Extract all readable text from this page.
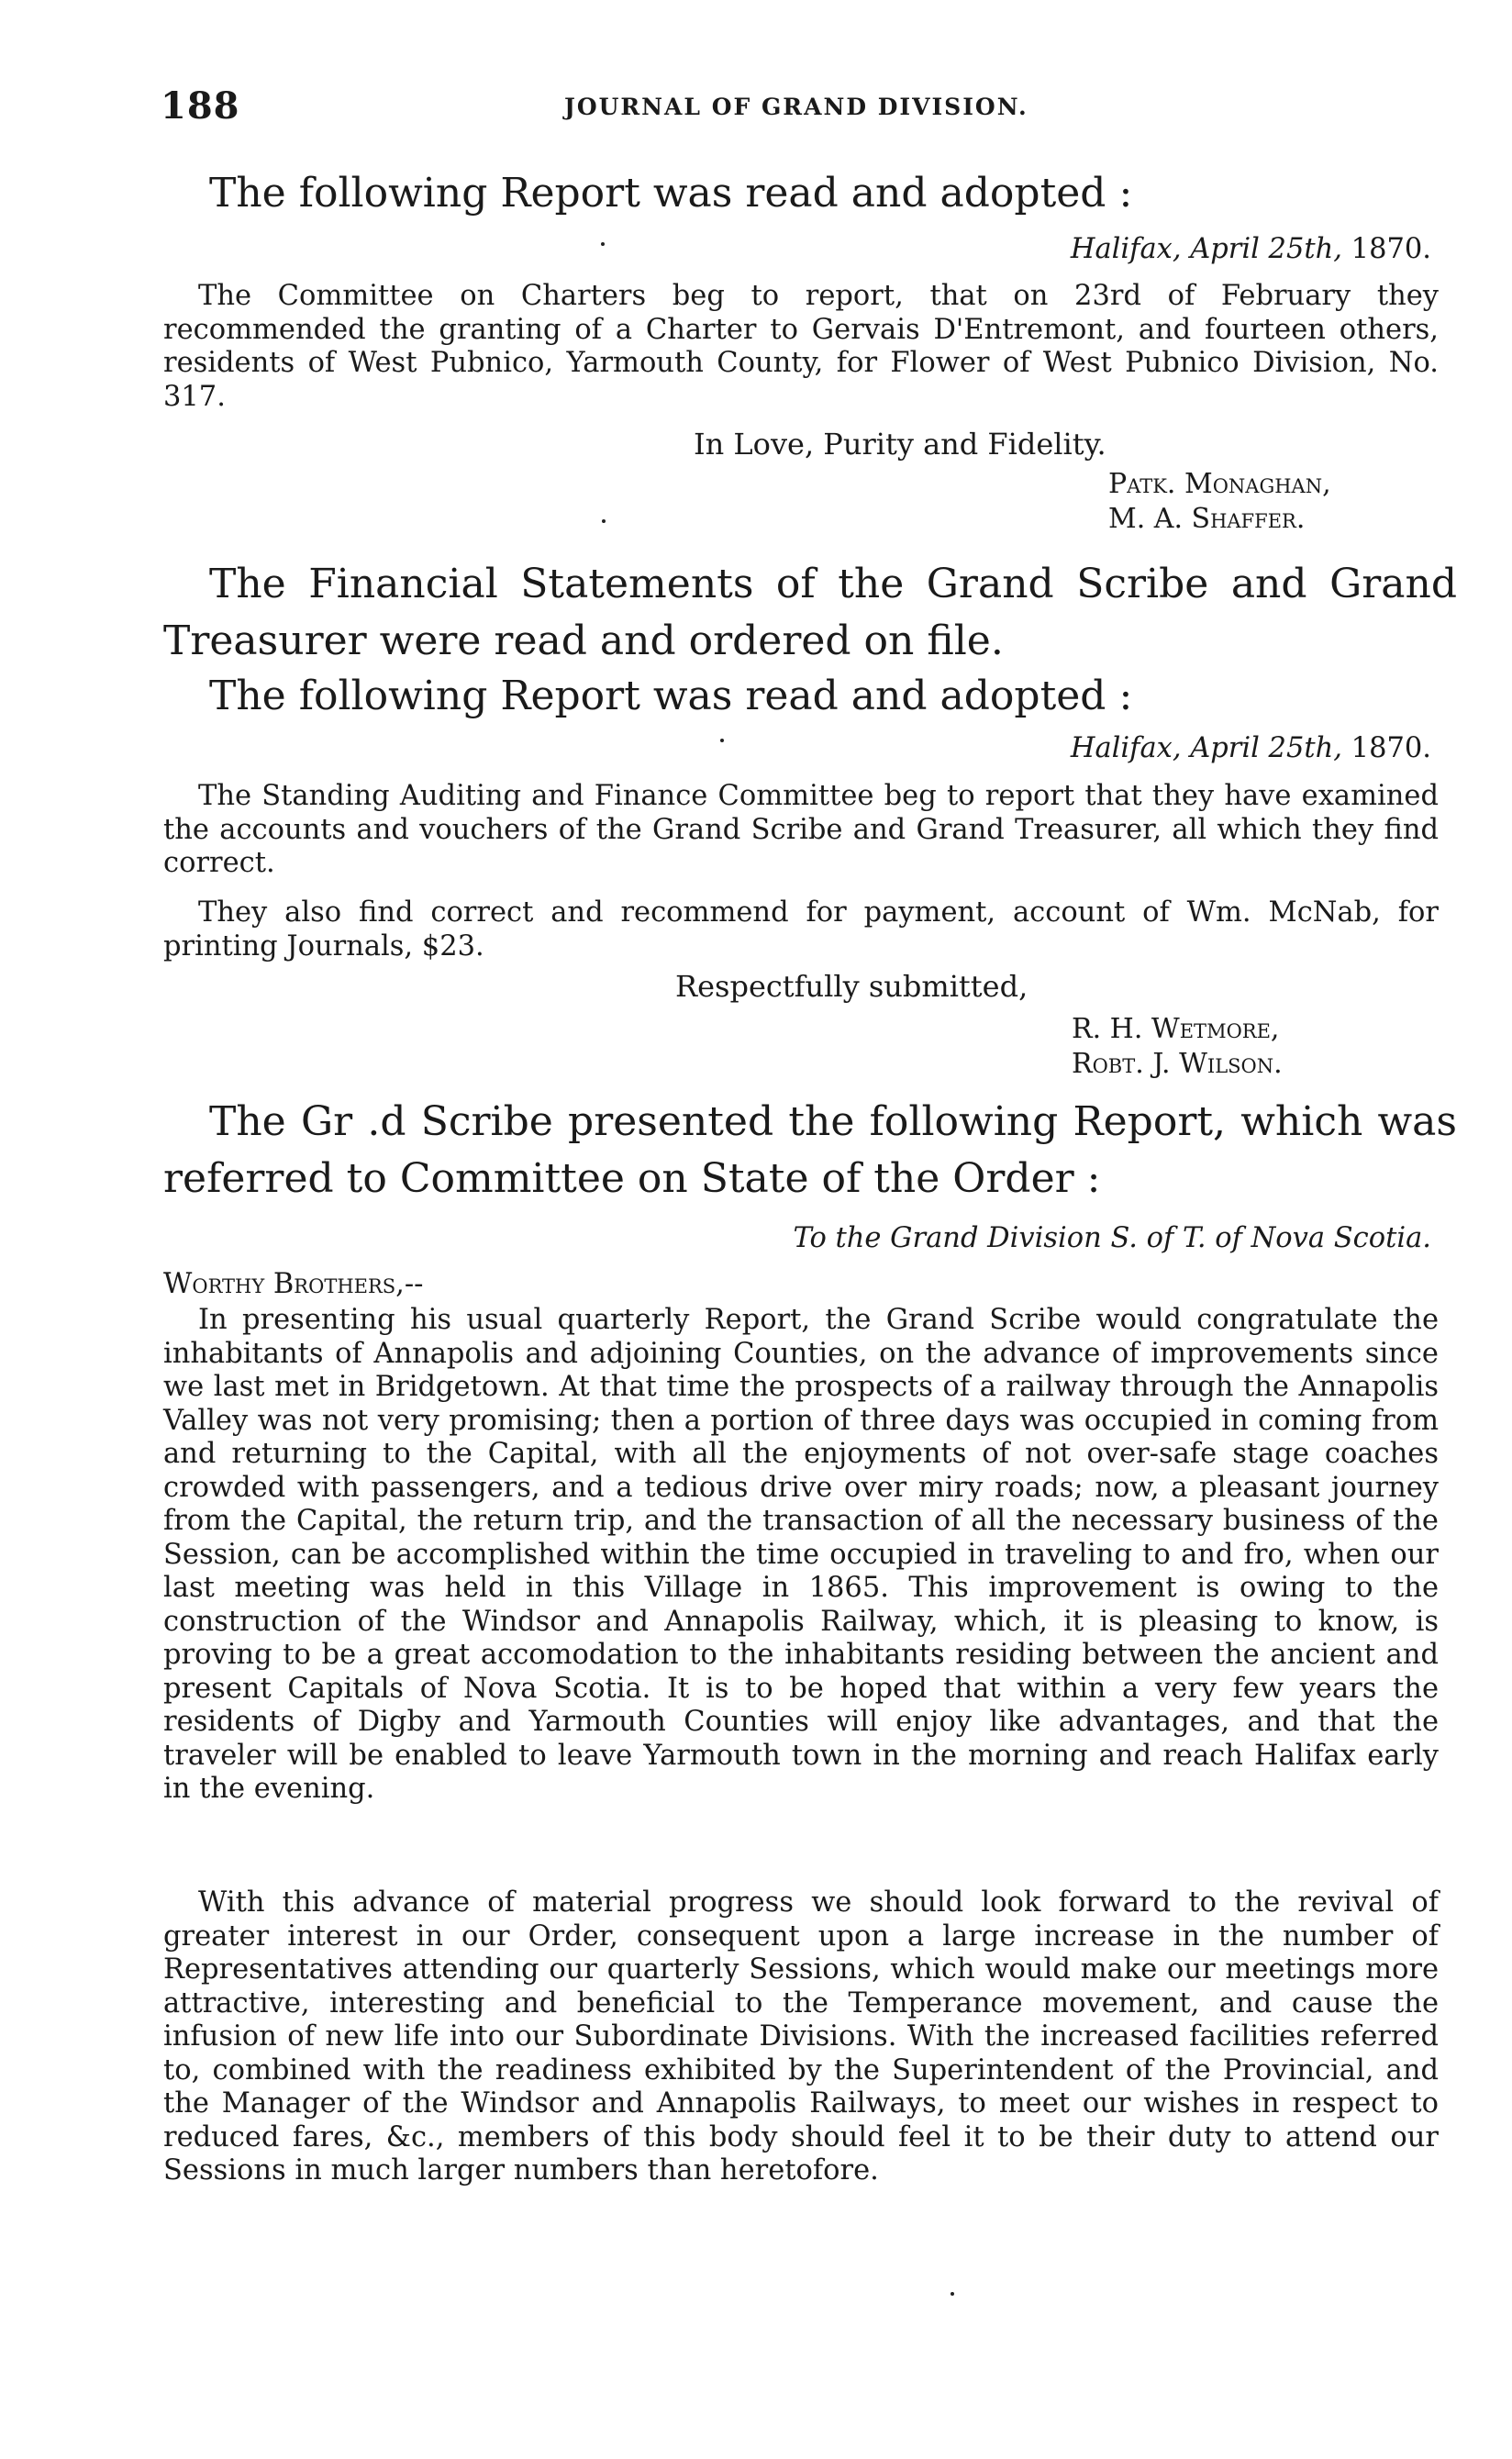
188	JOURNAL OF GRAND DIVISION.
The following Report was read and adopted :
Halifax, April 25th, 1870.
The Committee on Charters beg to report, that on 23rd of February they recommended the granting of a Charter to Gervais D'Entremont, and fourteen others, residents of West Pubnico, Yarmouth County, for Flower of West Pubnico Division, No. 317.
In Love, Purity and Fidelity.
Patk. Monaghan,
M. A. Shaffer.
The Financial Statements of the Grand Scribe and Grand Treasurer were read and ordered on file.
The following Report was read and adopted :
Halifax, April 25th, 1870.
The Standing Auditing and Finance Committee beg to report that they have examined the accounts and vouchers of the Grand Scribe and Grand Treasurer, all which they find correct.
They also find correct and recommend for payment, account of Wm. McNab, for printing Journals, $23.
Respectfully submitted,
R. H. Wetmore,
Robt. J. Wilson.
The Gr .d Scribe presented the following Report, which was referred to Committee on State of the Order :
To the Grand Division S. of T. of Nova Scotia.
Worthy Brothers,--
In presenting his usual quarterly Report, the Grand Scribe would congratulate the inhabitants of Annapolis and adjoining Counties, on the advance of improvements since we last met in Bridgetown. At that time the prospects of a railway through the Annapolis Valley was not very promising; then a portion of three days was occupied in coming from and returning to the Capital, with all the enjoyments of not over-safe stage coaches crowded with passengers, and a tedious drive over miry roads; now, a pleasant journey from the Capital, the return trip, and the transaction of all the necessary business of the Session, can be accomplished within the time occupied in traveling to and fro, when our last meeting was held in this Village in 1865. This improvement is owing to the construction of the Windsor and Annapolis Railway, which, it is pleasing to know, is proving to be a great accomodation to the inhabitants residing between the ancient and present Capitals of Nova Scotia. It is to be hoped that within a very few years the residents of Digby and Yarmouth Counties will enjoy like advantages, and that the traveler will be enabled to leave Yarmouth town in the morning and reach Halifax early in the evening.
With this advance of material progress we should look forward to the revival of greater interest in our Order, consequent upon a large increase in the number of Representatives attending our quarterly Sessions, which would make our meetings more attractive, interesting and beneficial to the Temperance movement, and cause the infusion of new life into our Subordinate Divisions. With the increased facilities referred to, combined with the readiness exhibited by the Superintendent of the Provincial, and the Manager of the Windsor and Annapolis Railways, to meet our wishes in respect to reduced fares, &c., members of this body should feel it to be their duty to attend our Sessions in much larger numbers than heretofore.
